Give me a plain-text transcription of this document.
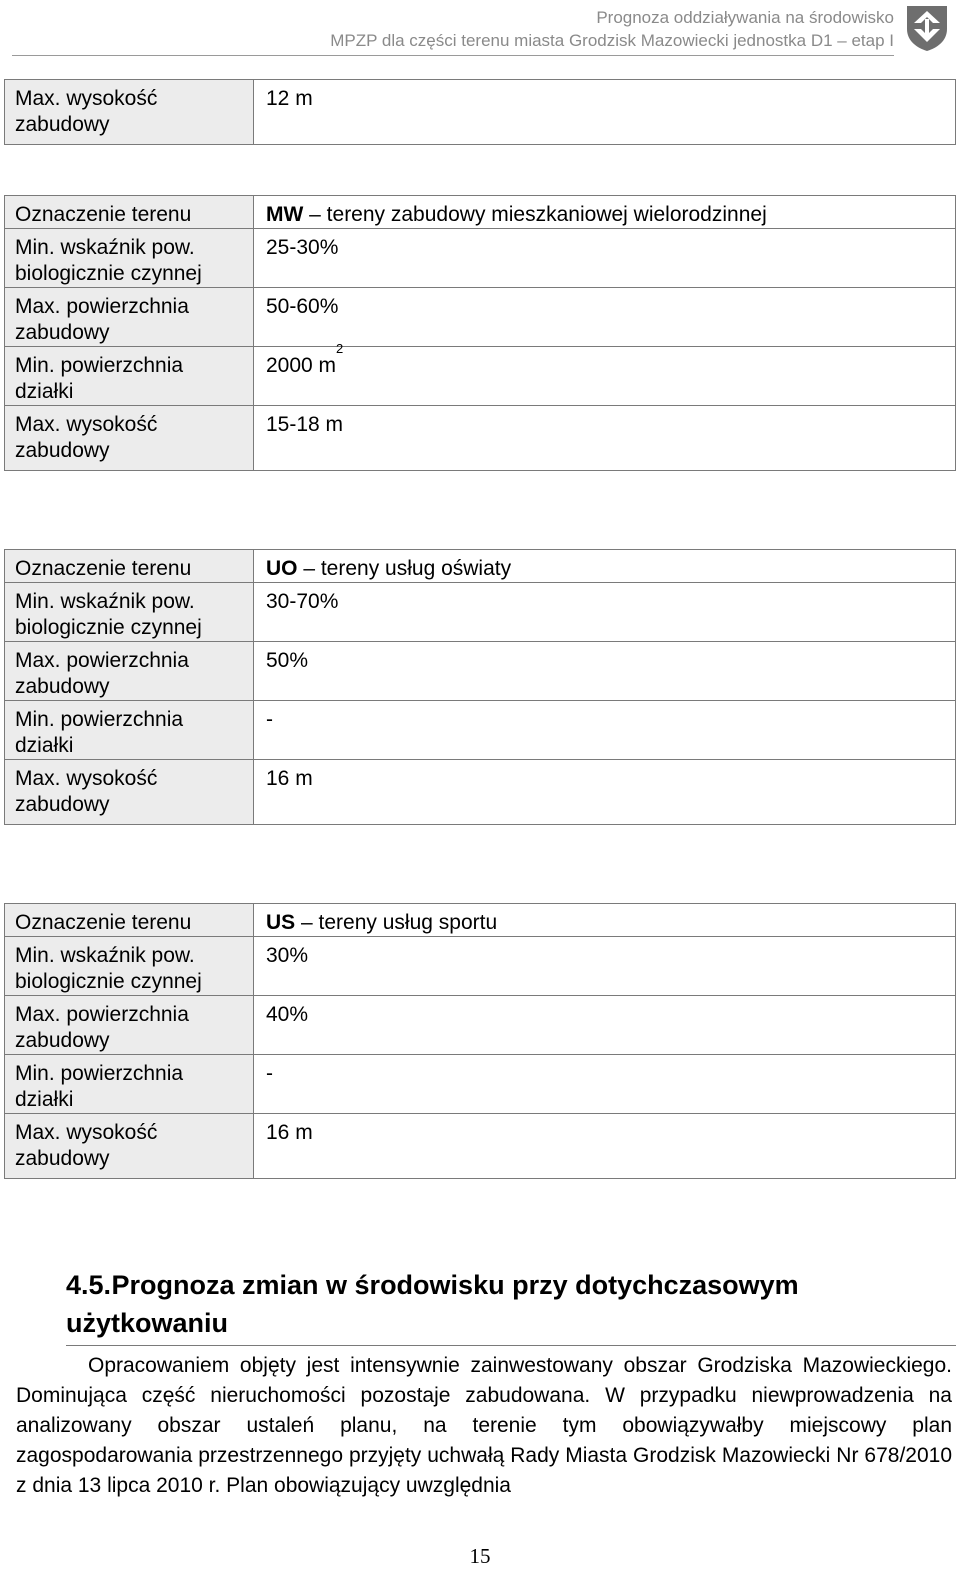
Prognoza oddziaływania na środowisko
MPZP dla części terenu miasta Grodzisk Mazowiecki jednostka D1 – etap I
Max. wysokość zabudowy	12 m
Oznaczenie terenu	MW – tereny zabudowy mieszkaniowej wielorodzinnej
Min. wskaźnik pow. biologicznie czynnej	25-30%
Max. powierzchnia zabudowy	50-60%
Min. powierzchnia działki	2000 $m^2$
Max. wysokość zabudowy	15-18 m
Oznaczenie terenu	UO – tereny usług oświaty
Min. wskaźnik pow. biologicznie czynnej	30-70%
Max. powierzchnia zabudowy	50%
Min. powierzchnia działki	-
Max. wysokość zabudowy	16 m
Oznaczenie terenu	US – tereny usług sportu
Min. wskaźnik pow. biologicznie czynnej	30%
Max. powierzchnia zabudowy	40%
Min. powierzchnia działki	-
Max. wysokość zabudowy	16 m
4.5. Prognoza zmian w środowisku przy dotychczasowym użytkowaniu
Opracowaniem objęty jest intensywnie zainwestowany obszar Grodziska Mazowieckiego. Dominująca część nieruchomości pozostaje zabudowana. W przypadku niewprowadzenia na analizowany obszar ustaleń planu, na terenie tym obowiązywałby miejscowy plan zagospodarowania przestrzennego przyjęty uchwałą Rady Miasta Grodzisk Mazowiecki Nr 678/2010 z dnia 13 lipca 2010 r. Plan obowiązujący uwzględnia
15
